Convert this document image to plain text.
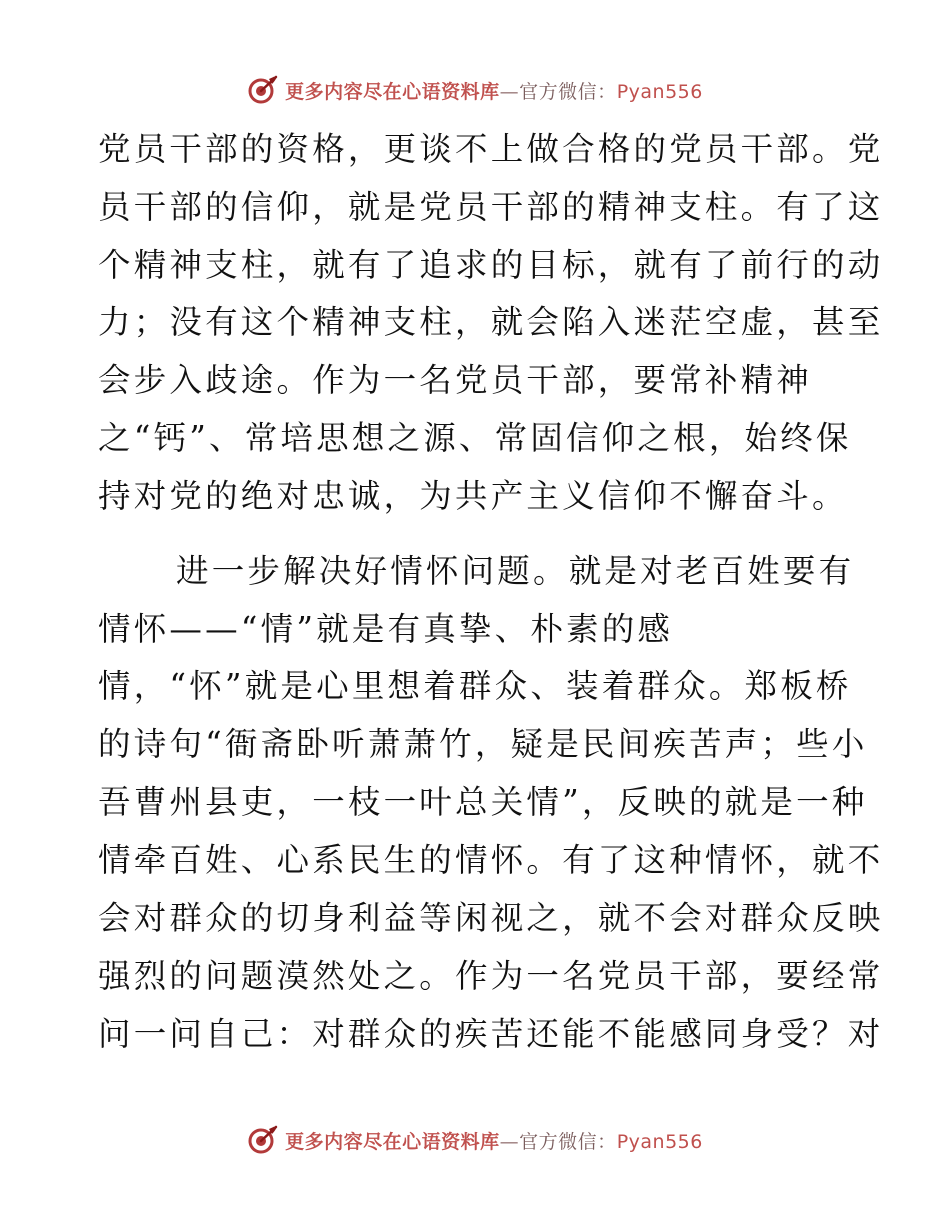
更多内容尽在心语资料库—官方微信：Pyan556
党员干部的资格，更谈不上做合格的党员干部。党
员干部的信仰，就是党员干部的精神支柱。有了这
个精神支柱，就有了追求的目标，就有了前行的动
力；没有这个精神支柱，就会陷入迷茫空虚，甚至
会步入歧途。作为一名党员干部，要常补精神
之“钙”、常培思想之源、常固信仰之根，始终保
持对党的绝对忠诚，为共产主义信仰不懈奋斗。
进一步解决好情怀问题。就是对老百姓要有
情怀——“情”就是有真挚、朴素的感
情，“怀”就是心里想着群众、装着群众。郑板桥
的诗句“衙斋卧听萧萧竹，疑是民间疾苦声；些小
吾曹州县吏，一枝一叶总关情”，反映的就是一种
情牵百姓、心系民生的情怀。有了这种情怀，就不
会对群众的切身利益等闲视之，就不会对群众反映
强烈的问题漠然处之。作为一名党员干部，要经常
问一问自己：对群众的疾苦还能不能感同身受？对
更多内容尽在心语资料库—官方微信：Pyan556
